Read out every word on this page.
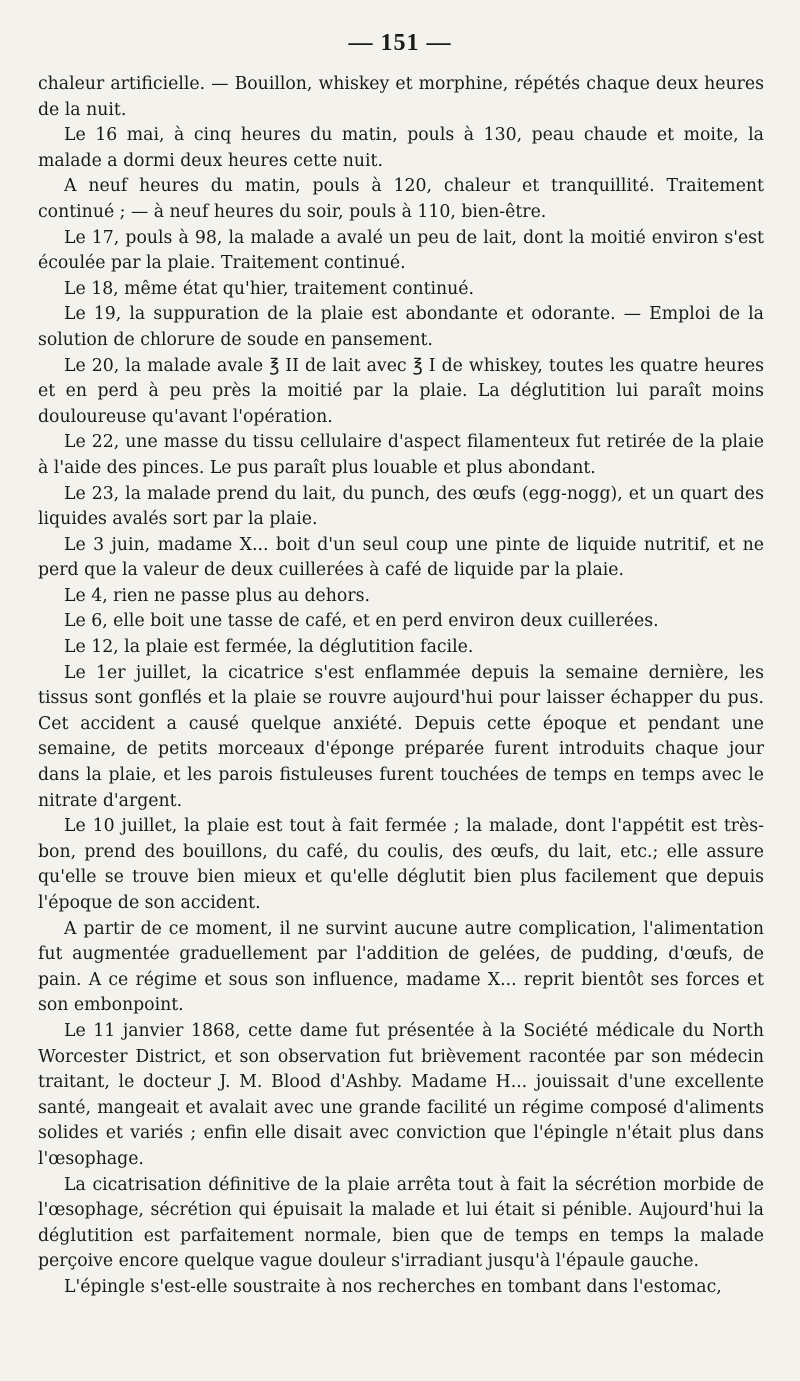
— 151 —

chaleur artificielle. — Bouillon, whiskey et morphine, répétés chaque deux heures de la nuit.

Le 16 mai, à cinq heures du matin, pouls à 130, peau chaude et moite, la malade a dormi deux heures cette nuit.

A neuf heures du matin, pouls à 120, chaleur et tranquillité. Traitement continué ; — à neuf heures du soir, pouls à 110, bien-être.

Le 17, pouls à 98, la malade a avalé un peu de lait, dont la moitié environ s'est écoulée par la plaie. Traitement continué.

Le 18, même état qu'hier, traitement continué.

Le 19, la suppuration de la plaie est abondante et odorante. — Emploi de la solution de chlorure de soude en pansement.

Le 20, la malade avale ℥ II de lait avec ℥ I de whiskey, toutes les quatre heures et en perd à peu près la moitié par la plaie. La déglutition lui paraît moins douloureuse qu'avant l'opération.

Le 22, une masse du tissu cellulaire d'aspect filamenteux fut retirée de la plaie à l'aide des pinces. Le pus paraît plus louable et plus abondant.

Le 23, la malade prend du lait, du punch, des œufs (egg-nogg), et un quart des liquides avalés sort par la plaie.

Le 3 juin, madame X... boit d'un seul coup une pinte de liquide nutritif, et ne perd que la valeur de deux cuillerées à café de liquide par la plaie.

Le 4, rien ne passe plus au dehors.

Le 6, elle boit une tasse de café, et en perd environ deux cuillerées.

Le 12, la plaie est fermée, la déglutition facile.

Le 1er juillet, la cicatrice s'est enflammée depuis la semaine dernière, les tissus sont gonflés et la plaie se rouvre aujourd'hui pour laisser échapper du pus. Cet accident a causé quelque anxiété. Depuis cette époque et pendant une semaine, de petits morceaux d'éponge préparée furent introduits chaque jour dans la plaie, et les parois fistuleuses furent touchées de temps en temps avec le nitrate d'argent.

Le 10 juillet, la plaie est tout à fait fermée ; la malade, dont l'appétit est très-bon, prend des bouillons, du café, du coulis, des œufs, du lait, etc.; elle assure qu'elle se trouve bien mieux et qu'elle déglutit bien plus facilement que depuis l'époque de son accident.

A partir de ce moment, il ne survint aucune autre complication, l'alimentation fut augmentée graduellement par l'addition de gelées, de pudding, d'œufs, de pain. A ce régime et sous son influence, madame X... reprit bientôt ses forces et son embonpoint.

Le 11 janvier 1868, cette dame fut présentée à la Société médicale du North Worcester District, et son observation fut brièvement racontée par son médecin traitant, le docteur J. M. Blood d'Ashby. Madame H... jouissait d'une excellente santé, mangeait et avalait avec une grande facilité un régime composé d'aliments solides et variés ; enfin elle disait avec conviction que l'épingle n'était plus dans l'œsophage.

La cicatrisation définitive de la plaie arrêta tout à fait la sécrétion morbide de l'œsophage, sécrétion qui épuisait la malade et lui était si pénible. Aujourd'hui la déglutition est parfaitement normale, bien que de temps en temps la malade perçoive encore quelque vague douleur s'irradiant jusqu'à l'épaule gauche.

L'épingle s'est-elle soustraite à nos recherches en tombant dans l'estomac,
